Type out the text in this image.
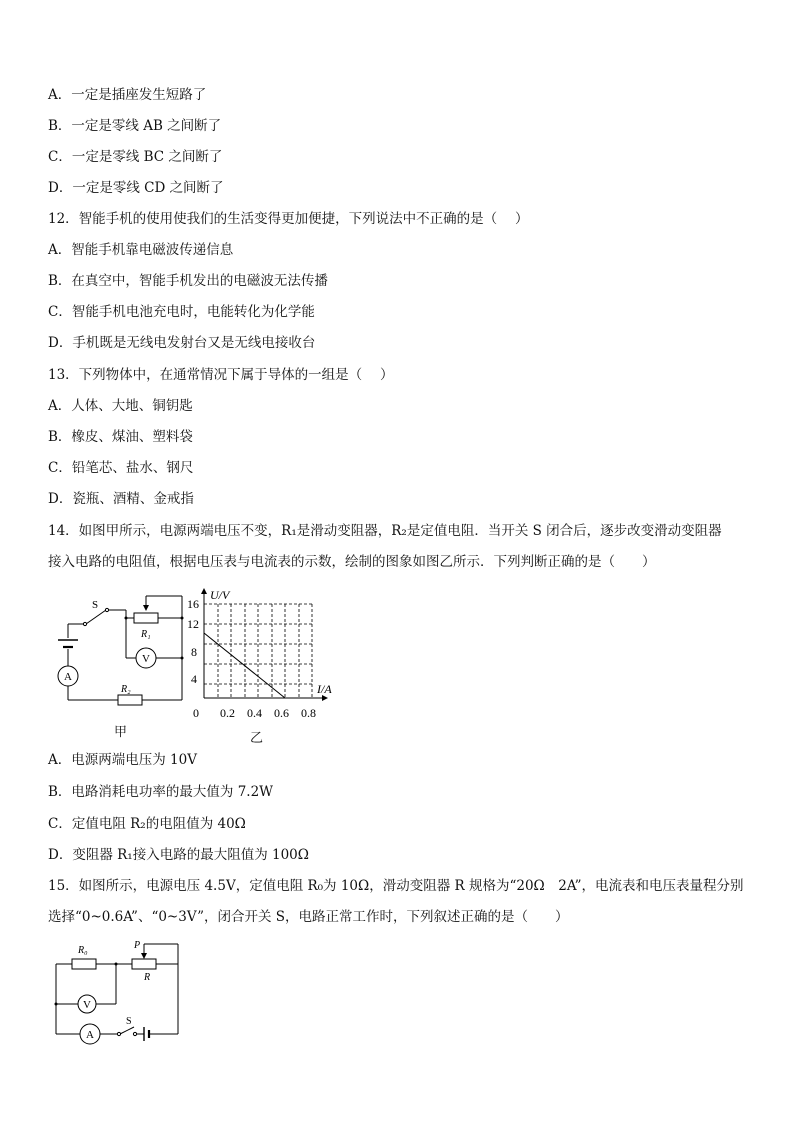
A．一定是插座发生短路了
B．一定是零线 AB 之间断了
C．一定是零线 BC 之间断了
D．一定是零线 CD 之间断了
12．智能手机的使用使我们的生活变得更加便捷，下列说法中不正确的是（　 ）
A．智能手机靠电磁波传递信息
B．在真空中，智能手机发出的电磁波无法传播
C．智能手机电池充电时，电能转化为化学能
D．手机既是无线电发射台又是无线电接收台
13．下列物体中，在通常情况下属于导体的一组是（　 ）
A．人体、大地、铜钥匙
B．橡皮、煤油、塑料袋
C．铅笔芯、盐水、钢尺
D．瓷瓶、酒精、金戒指
14．如图甲所示，电源两端电压不变，R₁是滑动变阻器，R₂是定值电阻．当开关 S 闭合后，逐步改变滑动变阻器
接入电路的电阻值，根据电压表与电流表的示数，绘制的图象如图乙所示．下列判断正确的是（　　）
S
R₁
R₂
V
A
甲
U/V
I/A
16
12
8
4
0 0.2 0.4 0.6 0.8
乙
A．电源两端电压为 10V
B．电路消耗电功率的最大值为 7.2W
C．定值电阻 R₂的电阻值为 40Ω
D．变阻器 R₁接入电路的最大阻值为 100Ω
15．如图所示，电源电压 4.5V，定值电阻 R₀为 10Ω，滑动变阻器 R 规格为“20Ω　2A”，电流表和电压表量程分别
选择“0~0.6A”、“0~3V”，闭合开关 S，电路正常工作时，下列叙述正确的是（　　）
R₀	P
R
V
A
S
